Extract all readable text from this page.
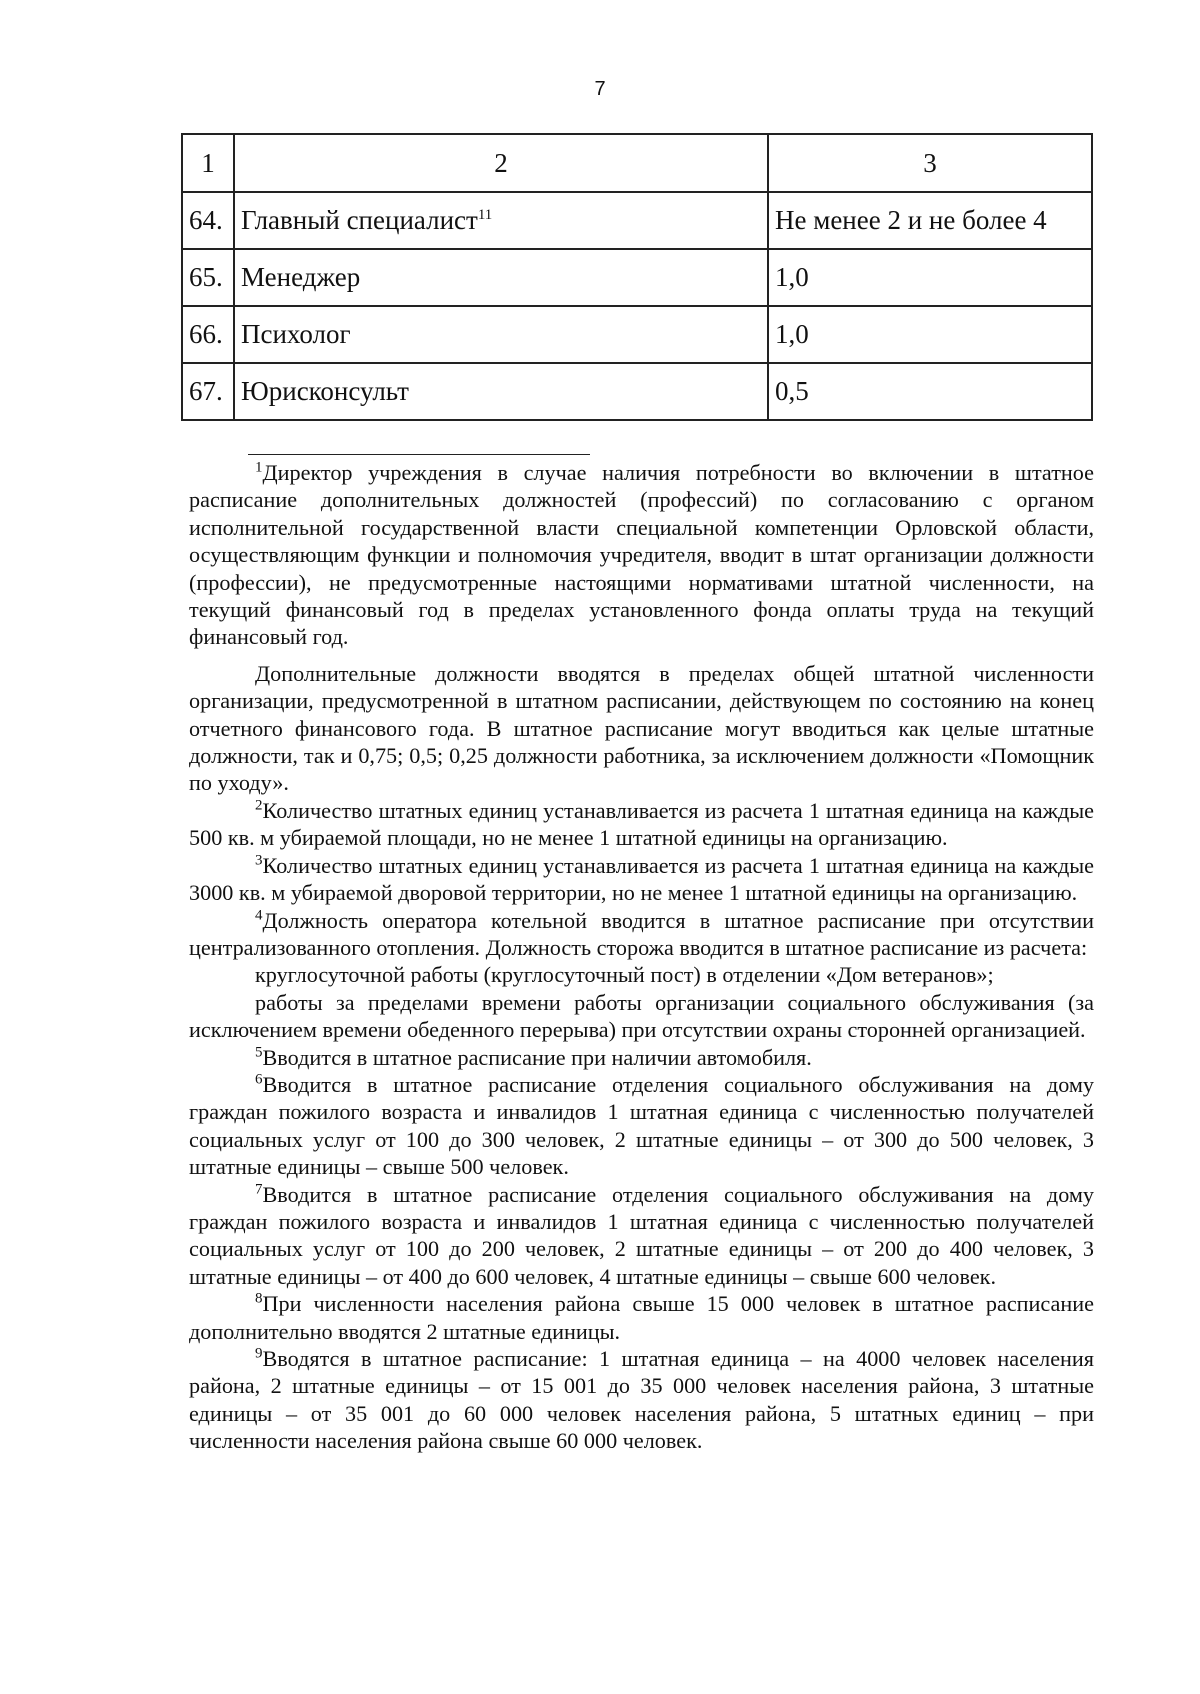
7
1	2	3
64.	Главный специалист$^{11}$	Не менее 2 и не более 4
65.	Менеджер	1,0
66.	Психолог	1,0
67.	Юрисконсульт	0,5

$^1$Директор учреждения в случае наличия потребности во включении в штатное расписание дополнительных должностей (профессий) по согласованию с органом исполнительной государственной власти специальной компетенции Орловской области, осуществляющим функции и полномочия учредителя, вводит в штат организации должности (профессии), не предусмотренные настоящими нормативами штатной численности, на текущий финансовый год в пределах установленного фонда оплаты труда на текущий финансовый год.

Дополнительные должности вводятся в пределах общей штатной численности организации, предусмотренной в штатном расписании, действующем по состоянию на конец отчетного финансового года. В штатное расписание могут вводиться как целые штатные должности, так и 0,75; 0,5; 0,25 должности работника, за исключением должности «Помощник по уходу».

$^2$Количество штатных единиц устанавливается из расчета 1 штатная единица на каждые 500 кв. м убираемой площади, но не менее 1 штатной единицы на организацию.

$^3$Количество штатных единиц устанавливается из расчета 1 штатная единица на каждые 3000 кв. м убираемой дворовой территории, но не менее 1 штатной единицы на организацию.

$^4$Должность оператора котельной вводится в штатное расписание при отсутствии централизованного отопления. Должность сторожа вводится в штатное расписание из расчета:

круглосуточной работы (круглосуточный пост) в отделении «Дом ветеранов»;

работы за пределами времени работы организации социального обслуживания (за исключением времени обеденного перерыва) при отсутствии охраны сторонней организацией.

$^5$Вводится в штатное расписание при наличии автомобиля.

$^6$Вводится в штатное расписание отделения социального обслуживания на дому граждан пожилого возраста и инвалидов 1 штатная единица с численностью получателей социальных услуг от 100 до 300 человек, 2 штатные единицы – от 300 до 500 человек, 3 штатные единицы – свыше 500 человек.

$^7$Вводится в штатное расписание отделения социального обслуживания на дому граждан пожилого возраста и инвалидов 1 штатная единица с численностью получателей социальных услуг от 100 до 200 человек, 2 штатные единицы – от 200 до 400 человек, 3 штатные единицы – от 400 до 600 человек, 4 штатные единицы – свыше 600 человек.

$^8$При численности населения района свыше 15 000 человек в штатное расписание дополнительно вводятся 2 штатные единицы.

$^9$Вводятся в штатное расписание: 1 штатная единица – на 4000 человек населения района, 2 штатные единицы – от 15 001 до 35 000 человек населения района, 3 штатные единицы – от 35 001 до 60 000 человек населения района, 5 штатных единиц – при численности населения района свыше 60 000 человек.
